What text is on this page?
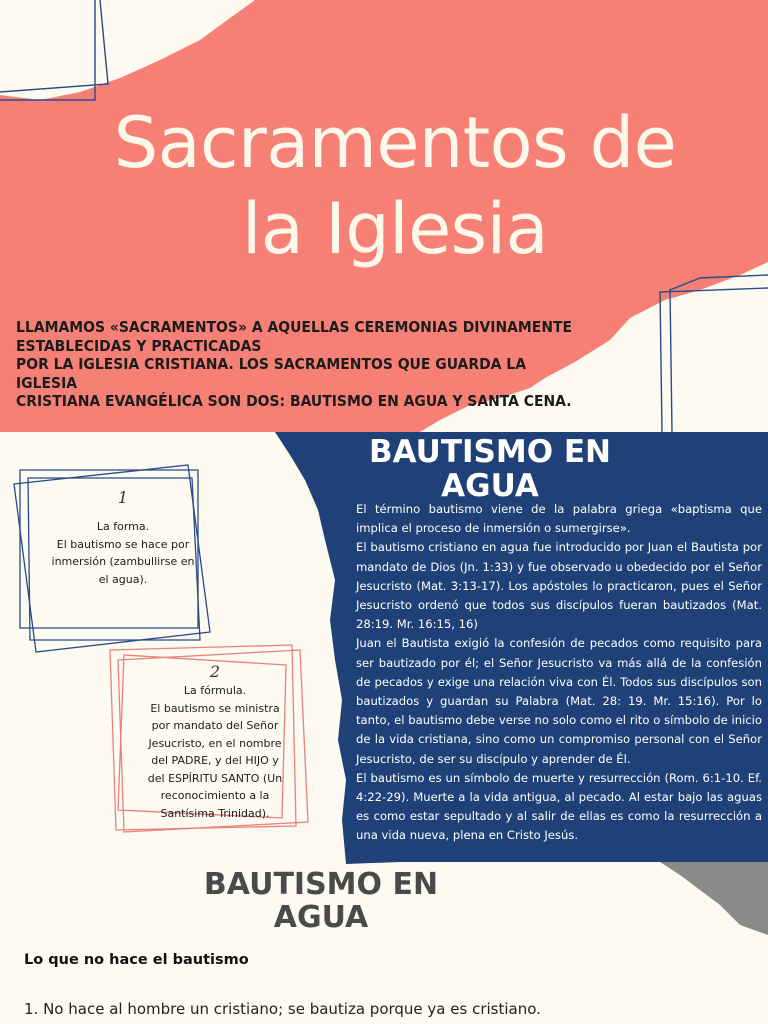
Sacramentos de
la Iglesia
LLAMAMOS «SACRAMENTOS» A AQUELLAS CEREMONIAS DIVINAMENTE
ESTABLECIDAS Y PRACTICADAS
POR LA IGLESIA CRISTIANA. LOS SACRAMENTOS QUE GUARDA LA IGLESIA
CRISTIANA EVANGÉLICA SON DOS: BAUTISMO EN AGUA Y SANTA CENA.
1
La forma.
El bautismo se hace por
inmersión (zambullirse en
el agua).
2
La fórmula.
El bautismo se ministra
por mandato del Señor
Jesucristo, en el nombre
del PADRE, y del HIJO y
del ESPÍRITU SANTO (Un
reconocimiento a la
Santísima Trinidad).
BAUTISMO EN
AGUA

El término bautismo viene de la palabra griega «baptisma que implica el proceso de inmersión o sumergirse».

El bautismo cristiano en agua fue introducido por Juan el Bautista por mandato de Dios (Jn. 1:33) y fue observado u obedecido por el Señor Jesucristo (Mat. 3:13-17). Los apóstoles lo practicaron, pues el Señor Jesucristo ordenó que todos sus discípulos fueran bautizados (Mat. 28:19. Mr. 16:15, 16)

Juan el Bautista exigió la confesión de pecados como requisito para ser bautizado por él; el Señor Jesucristo va más allá de la confesión de pecados y exige una relación viva con Él. Todos sus discípulos son bautizados y guardan su Palabra (Mat. 28: 19. Mr. 15:16). Por lo tanto, el bautismo debe verse no solo como el rito o símbolo de inicio de la vida cristiana, sino como un compromiso personal con el Señor Jesucristo, de ser su discípulo y aprender de Él.

El bautismo es un símbolo de muerte y resurrección (Rom. 6:1-10. Ef. 4:22-29). Muerte a la vida antigua, al pecado. Al estar bajo las aguas es como estar sepultado y al salir de ellas es como la resurrección a una vida nueva, plena en Cristo Jesús.

BAUTISMO EN
AGUA
Lo que no hace el bautismo
1. No hace al hombre un cristiano; se bautiza porque ya es cristiano.
